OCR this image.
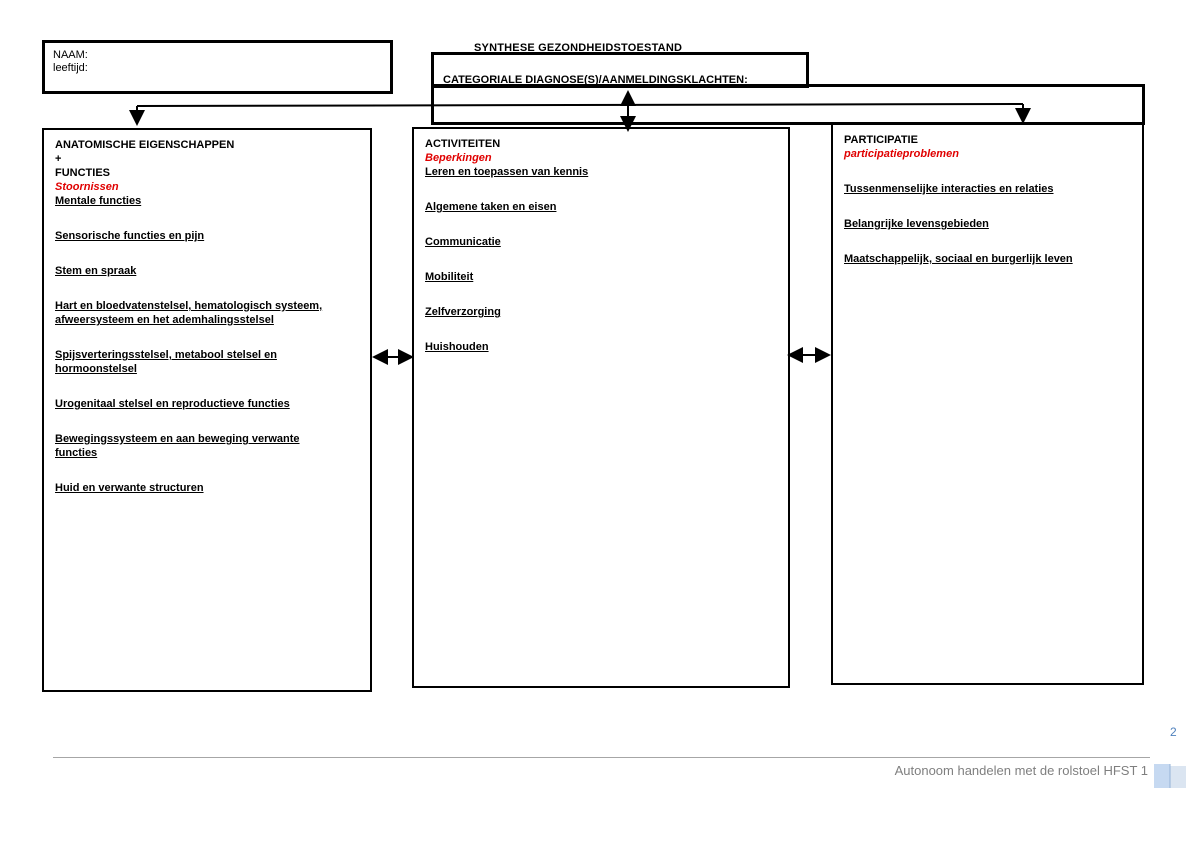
NAAM:
leeftijd:
SYNTHESE GEZONDHEIDSTOESTAND
CATEGORIALE DIAGNOSE(S)/AANMELDINGSKLACHTEN:
ANATOMISCHE EIGENSCHAPPEN
+
FUNCTIES
Stoornissen
Mentale functies
Sensorische functies en pijn
Stem en spraak
Hart en bloedvatenstelsel, hematologisch systeem, afweersysteem en het ademhalingsstelsel
Spijsverteringsstelsel, metabool stelsel en hormoonstelsel
Urogenitaal stelsel en reproductieve functies
Bewegingssysteem en aan beweging verwante functies
Huid en verwante structuren
ACTIVITEITEN
Beperkingen
Leren en toepassen van kennis
Algemene taken en eisen
Communicatie
Mobiliteit
Zelfverzorging
Huishouden
PARTICIPATIE
participatieproblemen
Tussenmenselijke interacties en relaties
Belangrijke levensgebieden
Maatschappelijk, sociaal en burgerlijk leven
2
Autonoom handelen met de rolstoel HFST 1
